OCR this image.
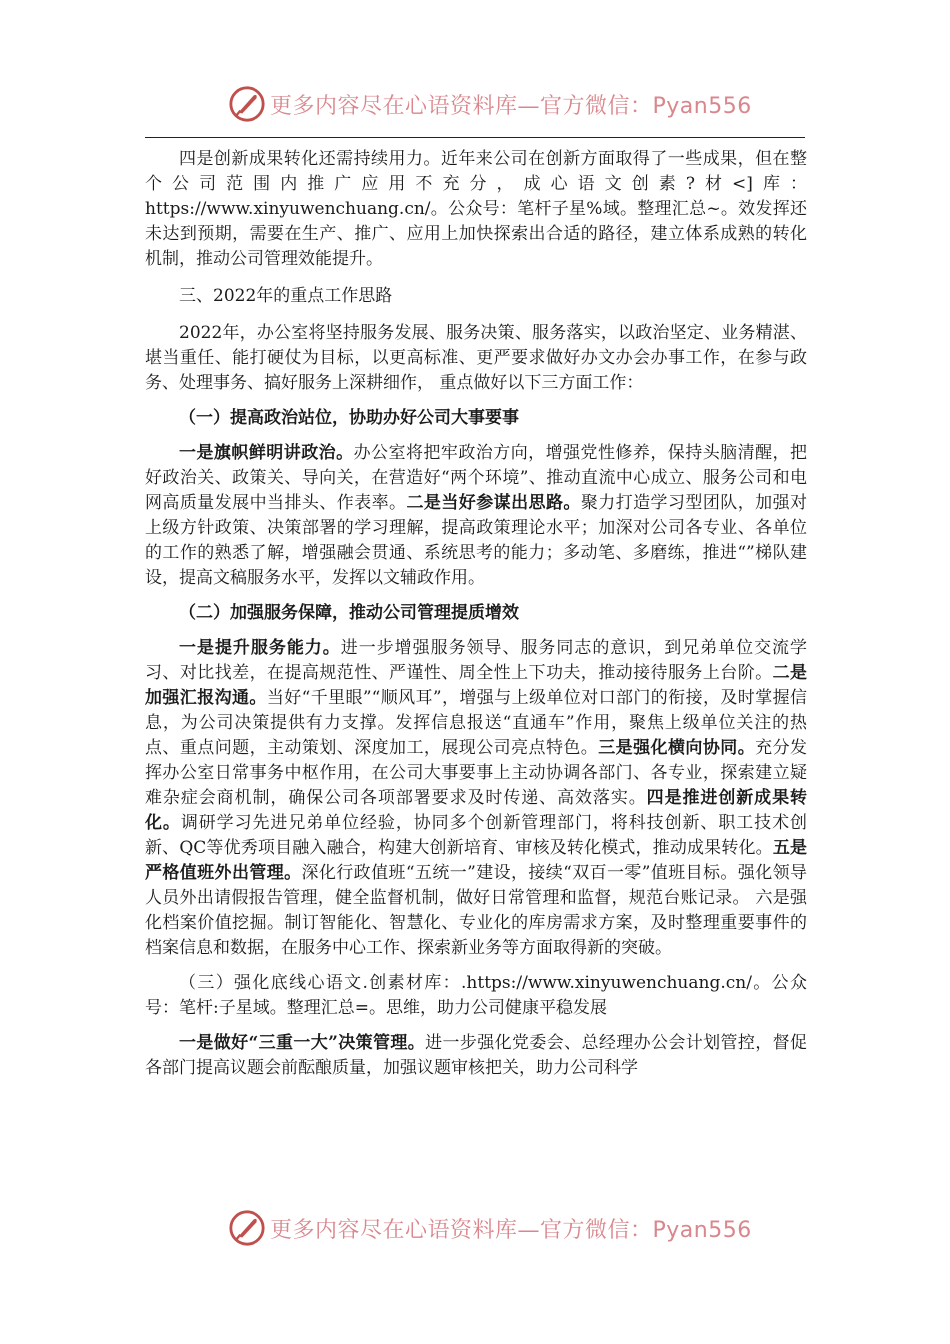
更多内容尽在心语资料库—官方微信：Pyan556

四是创新成果转化还需持续用力。近年来公司在创新方面取得了一些成果，但在整个公司范围内推广应用不充分，成心语文创素?材<]库：https://www.xinyuwenchuang.cn/。公众号：笔杆子星%域。整理汇总~。效发挥还未达到预期，需要在生产、推广、应用上加快探索出合适的路径，建立体系成熟的转化机制，推动公司管理效能提升。

三、2022年的重点工作思路

2022年，办公室将坚持服务发展、服务决策、服务落实，以政治坚定、业务精湛、堪当重任、能打硬仗为目标，以更高标准、更严要求做好办文办会办事工作，在参与政务、处理事务、搞好服务上深耕细作， 重点做好以下三方面工作：

（一）提高政治站位，协助办好公司大事要事

一是旗帜鲜明讲政治。办公室将把牢政治方向，增强党性修养，保持头脑清醒，把好政治关、政策关、导向关，在营造好“两个环境”、推动直流中心成立、服务公司和电网高质量发展中当排头、作表率。二是当好参谋出思路。聚力打造学习型团队，加强对上级方针政策、决策部署的学习理解，提高政策理论水平；加深对公司各专业、各单位的工作的熟悉了解，增强融会贯通、系统思考的能力；多动笔、多磨练，推进“”梯队建设，提高文稿服务水平，发挥以文辅政作用。

（二）加强服务保障，推动公司管理提质增效

一是提升服务能力。进一步增强服务领导、服务同志的意识，到兄弟单位交流学习、对比找差，在提高规范性、严谨性、周全性上下功夫，推动接待服务上台阶。二是加强汇报沟通。当好“千里眼”“顺风耳”，增强与上级单位对口部门的衔接，及时掌握信息，为公司决策提供有力支撑。发挥信息报送“直通车”作用，聚焦上级单位关注的热点、重点问题，主动策划、深度加工，展现公司亮点特色。三是强化横向协同。充分发挥办公室日常事务中枢作用，在公司大事要事上主动协调各部门、各专业，探索建立疑难杂症会商机制，确保公司各项部署要求及时传递、高效落实。四是推进创新成果转化。调研学习先进兄弟单位经验，协同多个创新管理部门，将科技创新、职工技术创新、QC等优秀项目融入融合，构建大创新培育、审核及转化模式，推动成果转化。五是严格值班外出管理。深化行政值班“五统一”建设，接续“双百一零”值班目标。强化领导人员外出请假报告管理，健全监督机制，做好日常管理和监督，规范台账记录。 六是强化档案价值挖掘。制订智能化、智慧化、专业化的库房需求方案，及时整理重要事件的档案信息和数据，在服务中心工作、探索新业务等方面取得新的突破。

（三）强化底线心语文.创素材库：.https://www.xinyuwenchuang.cn/。公众号：笔杆:子星域。整理汇总=。思维，助力公司健康平稳发展

一是做好“三重一大”决策管理。进一步强化党委会、总经理办公会计划管控，督促各部门提高议题会前酝酿质量，加强议题审核把关，助力公司科学

更多内容尽在心语资料库—官方微信：Pyan556
